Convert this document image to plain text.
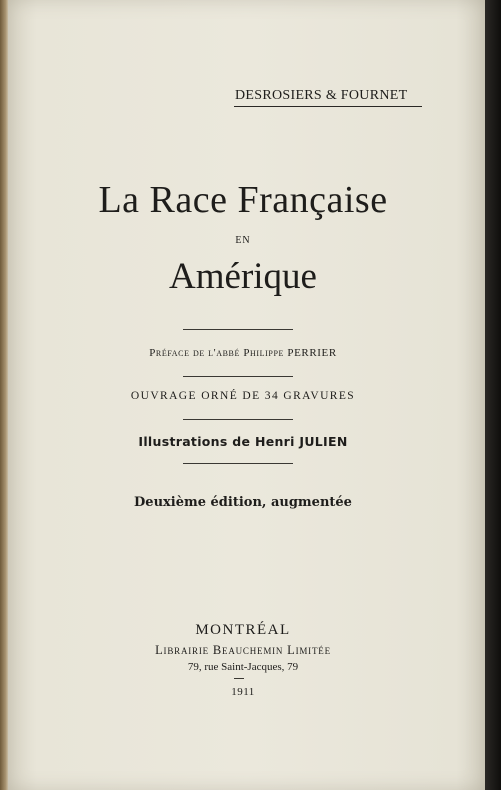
DESROSIERS & FOURNET
La Race Française
EN
Amérique
Préface de l'abbé Philippe PERRIER
OUVRAGE ORNÉ DE 34 GRAVURES
Illustrations de Henri JULIEN
Deuxième édition, augmentée
MONTRÉAL
Librairie Beauchemin Limitée
79, rue Saint-Jacques, 79
1911
